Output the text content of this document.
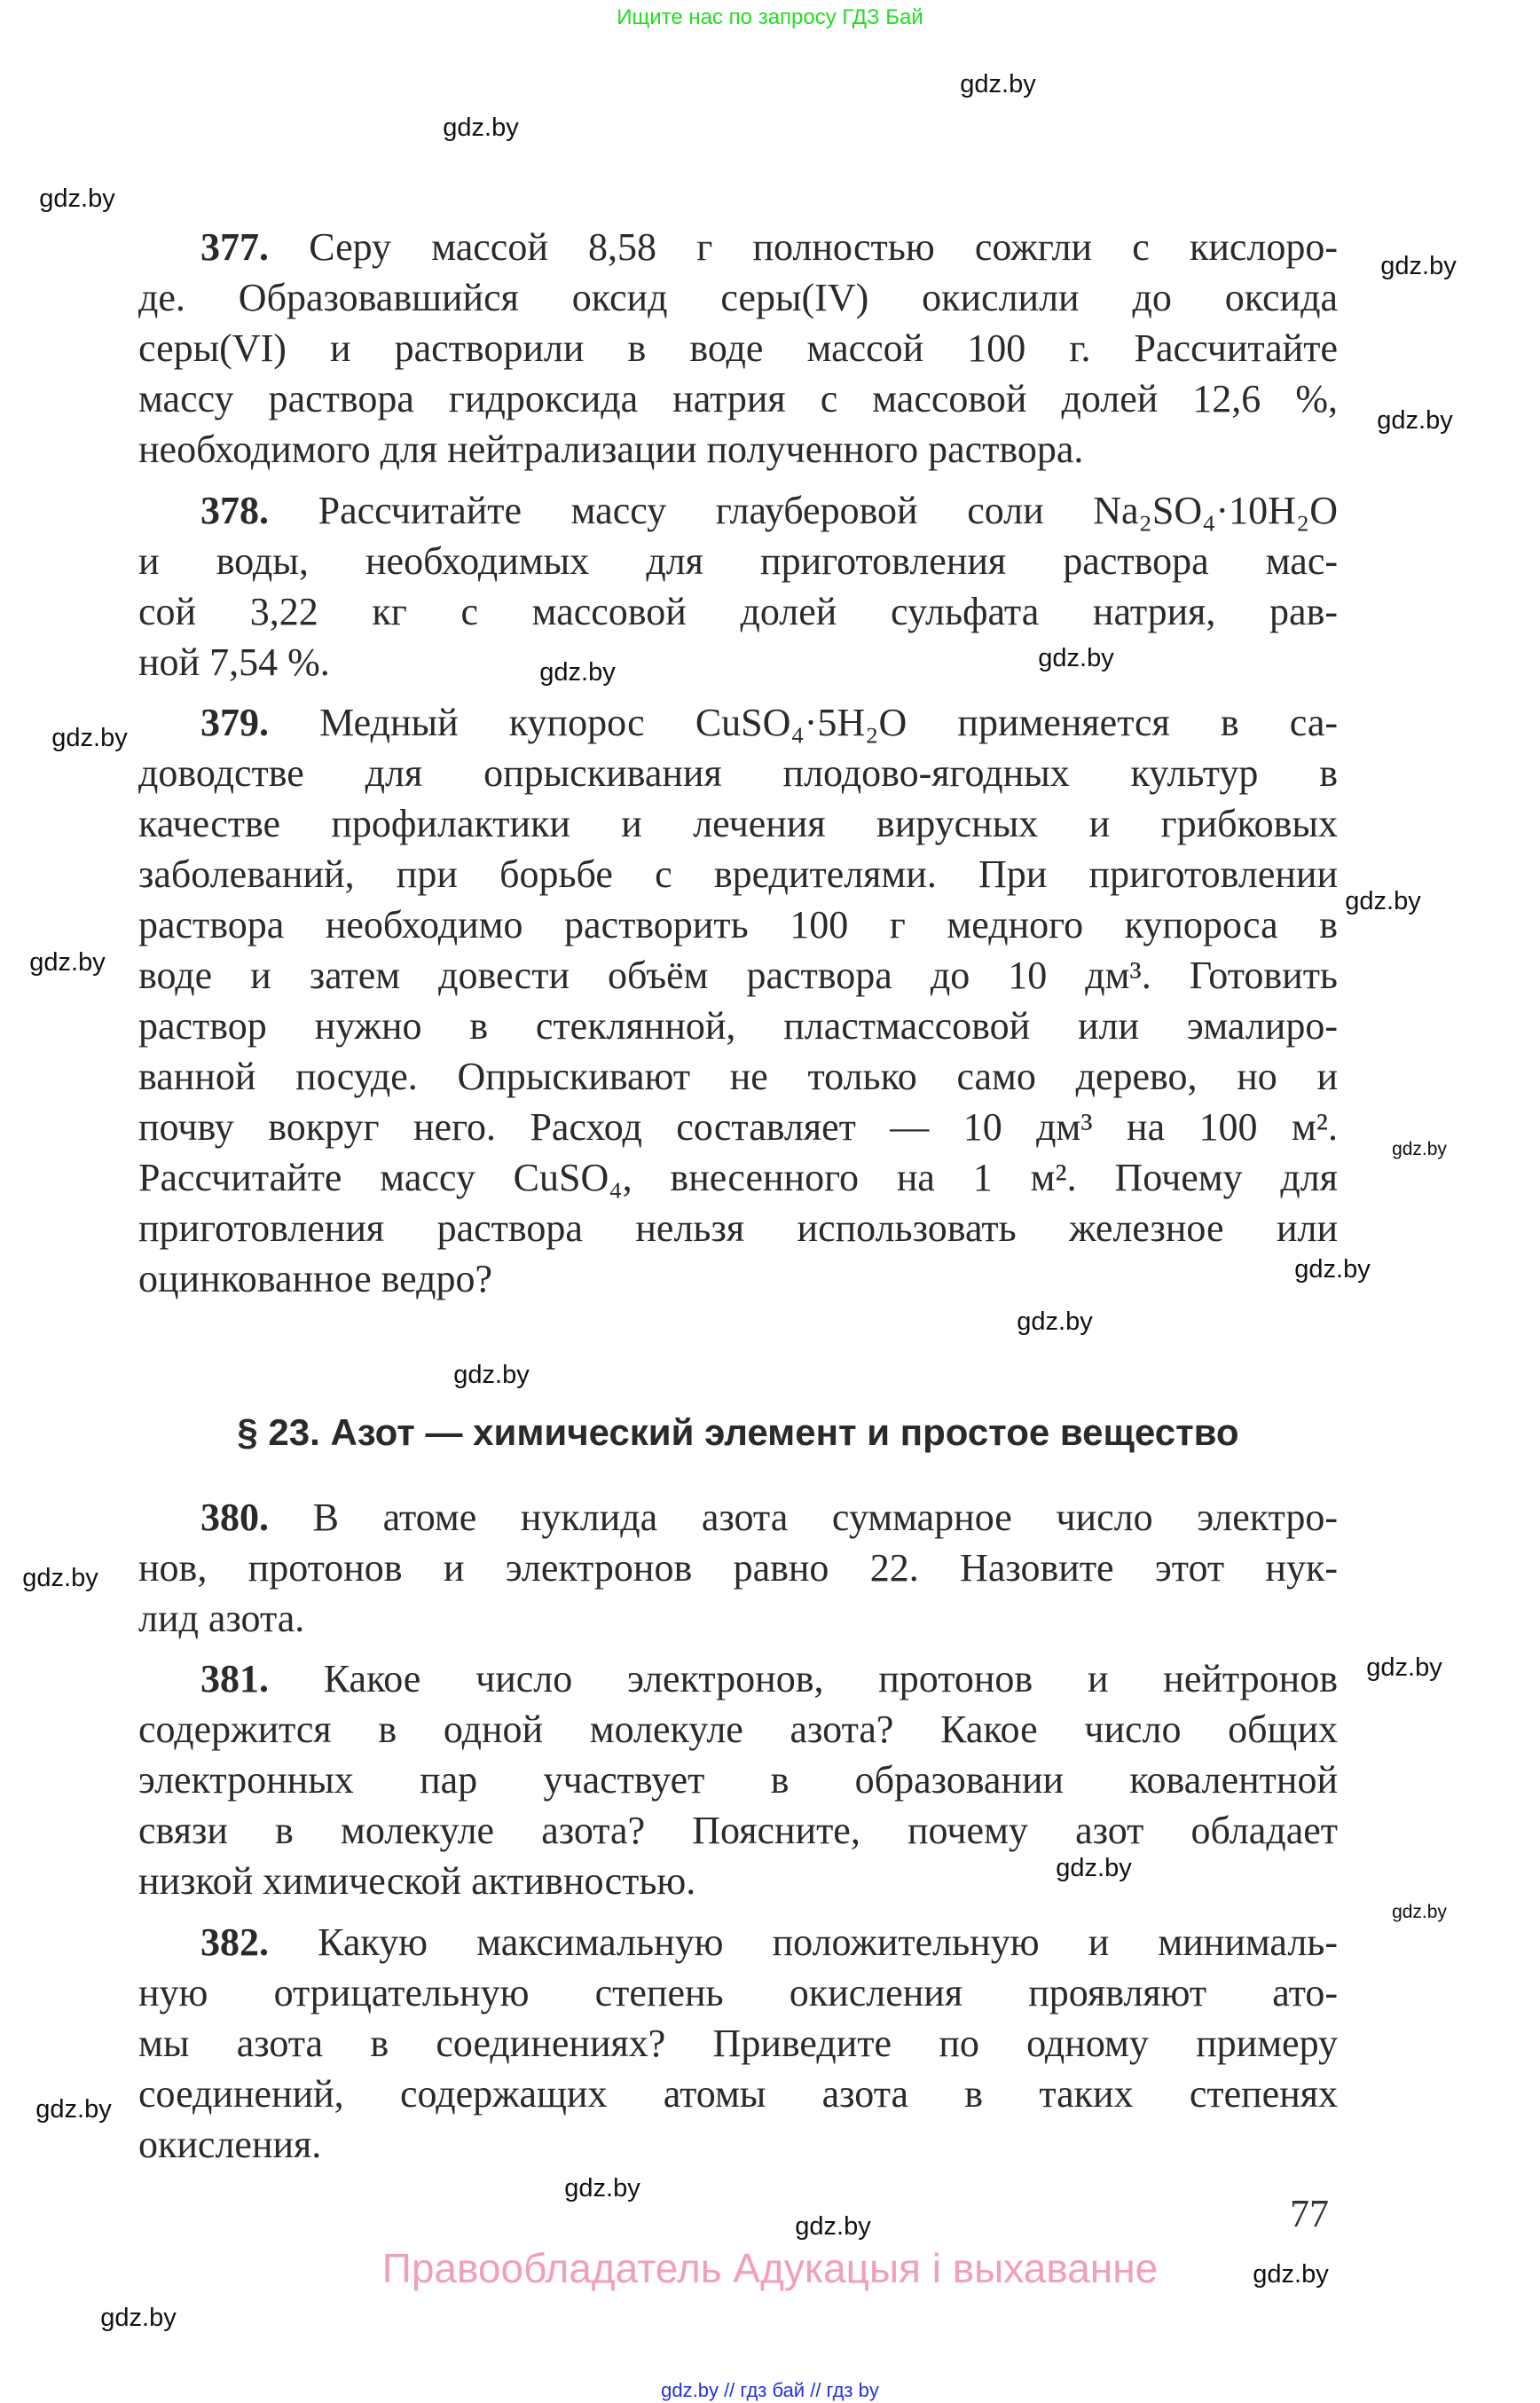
Ищите нас по запросу ГДЗ Бай
377. Серу массой 8,58 г полностью сожгли с кислоро-
де. Образовавшийся оксид серы(IV) окислили до оксида
серы(VI) и растворили в воде массой 100 г. Рассчитайте
массу раствора гидроксида натрия с массовой долей 12,6 %,
необходимого для нейтрализации полученного раствора.
378. Рассчитайте массу глауберовой соли Na₂SO₄·10H₂O
и воды, необходимых для приготовления раствора мас-
сой 3,22 кг с массовой долей сульфата натрия, рав-
ной 7,54 %.
379. Медный купорос CuSO₄·5H₂O применяется в са-
доводстве для опрыскивания плодово-ягодных культур в
качестве профилактики и лечения вирусных и грибковых
заболеваний, при борьбе с вредителями. При приготовлении
раствора необходимо растворить 100 г медного купороса в
воде и затем довести объём раствора до 10 дм³. Готовить
раствор нужно в стеклянной, пластмассовой или эмалиро-
ванной посуде. Опрыскивают не только само дерево, но и
почву вокруг него. Расход составляет — 10 дм³ на 100 м².
Рассчитайте массу CuSO₄, внесенного на 1 м². Почему для
приготовления раствора нельзя использовать железное или
оцинкованное ведро?
§ 23. Азот — химический элемент и простое вещество
380. В атоме нуклида азота суммарное число электро-
нов, протонов и электронов равно 22. Назовите этот нук-
лид азота.
381. Какое число электронов, протонов и нейтронов
содержится в одной молекуле азота? Какое число общих
электронных пар участвует в образовании ковалентной
связи в молекуле азота? Поясните, почему азот обладает
низкой химической активностью.
382. Какую максимальную положительную и минималь-
ную отрицательную степень окисления проявляют ато-
мы азота в соединениях? Приведите по одному примеру
соединений, содержащих атомы азота в таких степенях
окисления.
gdz.by
gdz.by
gdz.by
gdz.by
gdz.by
gdz.by	gdz.by
gdz.by
gdz.by
gdz.by
gdz.by
gdz.by
gdz.by
gdz.by
gdz.by
gdz.by
gdz.by
gdz.by
gdz.by
gdz.by
gdz.by
gdz.by
gdz.by
77
Правообладатель Адукацыя і выхаванне
gdz.by // гдз бай // гдз by
